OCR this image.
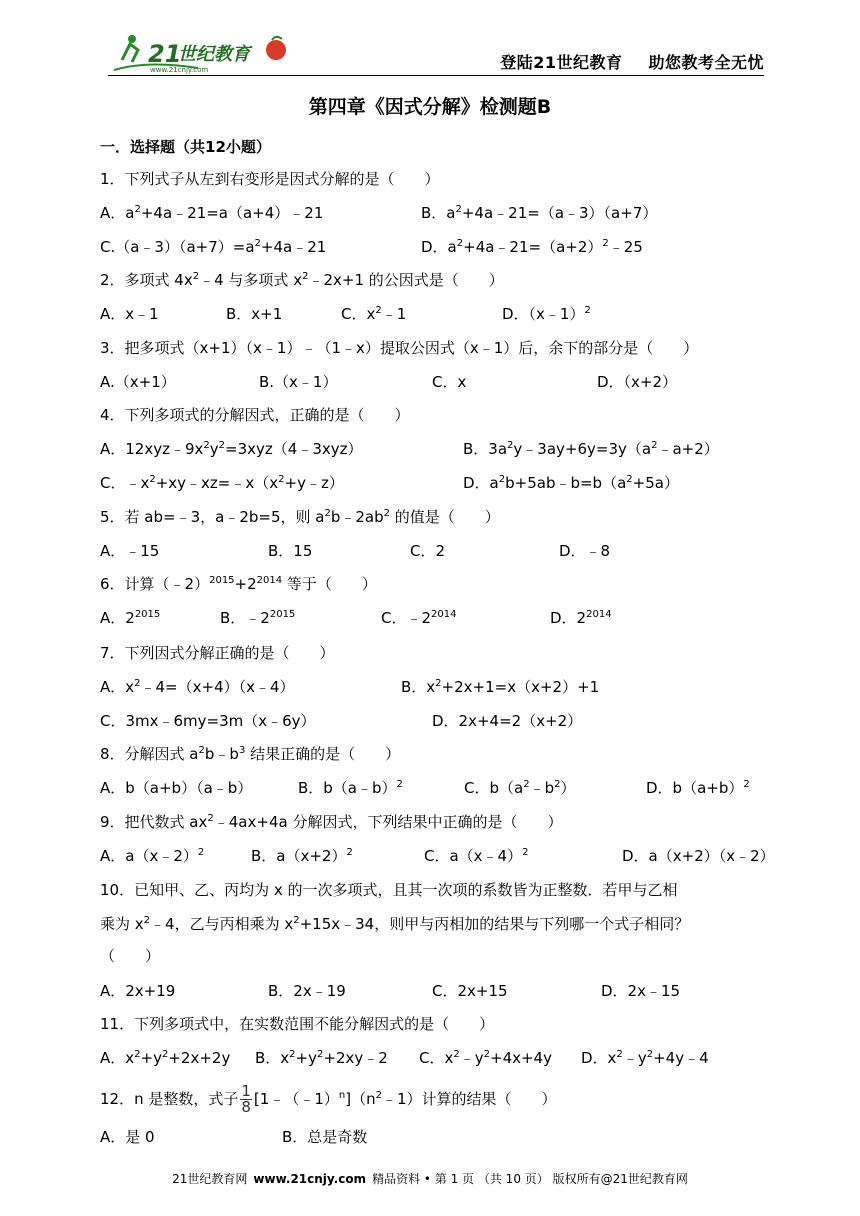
21
世纪教育
www.21cnjy.com	登陆21世纪教育 助您教考全无忧
第四章《因式分解》检测题B
一．选择题（共12小题）
1．下列式子从左到右变形是因式分解的是（　　）
A．$a^2+4a﹣21=a(a+4)﹣21$	B．$a^2+4a﹣21=(a﹣3)(a+7)$
$C.(a﹣3)(a+7)=a^2+4a﹣21$	D．$a^2+4a﹣21=(a+2)^2﹣25$
2．多项式 $4x^2﹣4$ 与多项式 $x^2﹣2x+1$ 的公因式是（　　）
A．x﹣1	B．x+1	C．$x^2﹣1$	D．（x﹣1）$^2$
3．把多项式（x+1）（x﹣1）﹣（1﹣x）提取公因式（x﹣1）后，余下的部分是（　　）
A.（x+1）	B.（x﹣1）	C．x	D．（x+2）
4．下列多项式的分解因式，正确的是（　　）
A．$12xyz﹣9x^2y^2=3xyz(4﹣3xyz)$	B．$3a^2y﹣3ay+6y=3y(a^2﹣a+2)$
C．$﹣x^2+xy﹣xz=﹣x(x^2+y﹣z)$	D．$a^2b+5ab﹣b=b(a^2+5a)$
5．若 ab=﹣3，a﹣2b=5，则 $a^2b﹣2ab^2$ 的值是（　　）
A．﹣15	B．15	C．2	D．﹣8
6．计算$(﹣2)^{2015}+2^{2014}$ 等于（　　）
A．$2^{2015}$	B．$﹣2^{2015}$	C．$﹣2^{2014}$	D．$2^{2014}$
7．下列因式分解正确的是（　　）
A．$x^2﹣4=(x+4)(x﹣4)$	B．$x^2+2x+1=x(x+2)+1$
C．3mx﹣6my=3m（x﹣6y）	D．2x+4=2（x+2）
8．分解因式 $a^2b﹣b^3$ 结果正确的是（　　）
A．b（a+b）（a﹣b）	B．b（a﹣b）$^2$	C．$b(a^2﹣b^2)$	D．$b(a+b)^2$
9．把代数式 $ax^2﹣4ax+4a$ 分解因式，下列结果中正确的是（　　）
A．a（x﹣2）$^2$	B．$a(x+2)^2$	C．a（x﹣4）$^2$	D．a（x+2）（x﹣2）
10．已知甲、乙、丙均为 x 的一次多项式，且其一次项的系数皆为正整数．若甲与乙相
乘为 $x^2﹣4$，乙与丙相乘为 $x^2+15x﹣34$，则甲与丙相加的结果与下列哪一个式子相同？
（　　）
A．2x+19	B．2x﹣19	C．2x+15	D．2x﹣15
11．下列多项式中，在实数范围不能分解因式的是（　　）
A．$x^2+y^2+2x+2y$ B．$x^2+y^2+2xy﹣2$ C．$x^2﹣y^2+4x+4y$ D．$x^2﹣y^2+4y﹣4$
12．n 是整数，式子 $\frac{1}{8}$ $[1﹣(﹣1)^n](n^2﹣1)$计算的结果（　　）
A．是 0	B．总是奇数
21世纪教育网 www.21cnjy.com 精品资料 • 第 1 页 （共 10 页） 版权所有@21世纪教育网
